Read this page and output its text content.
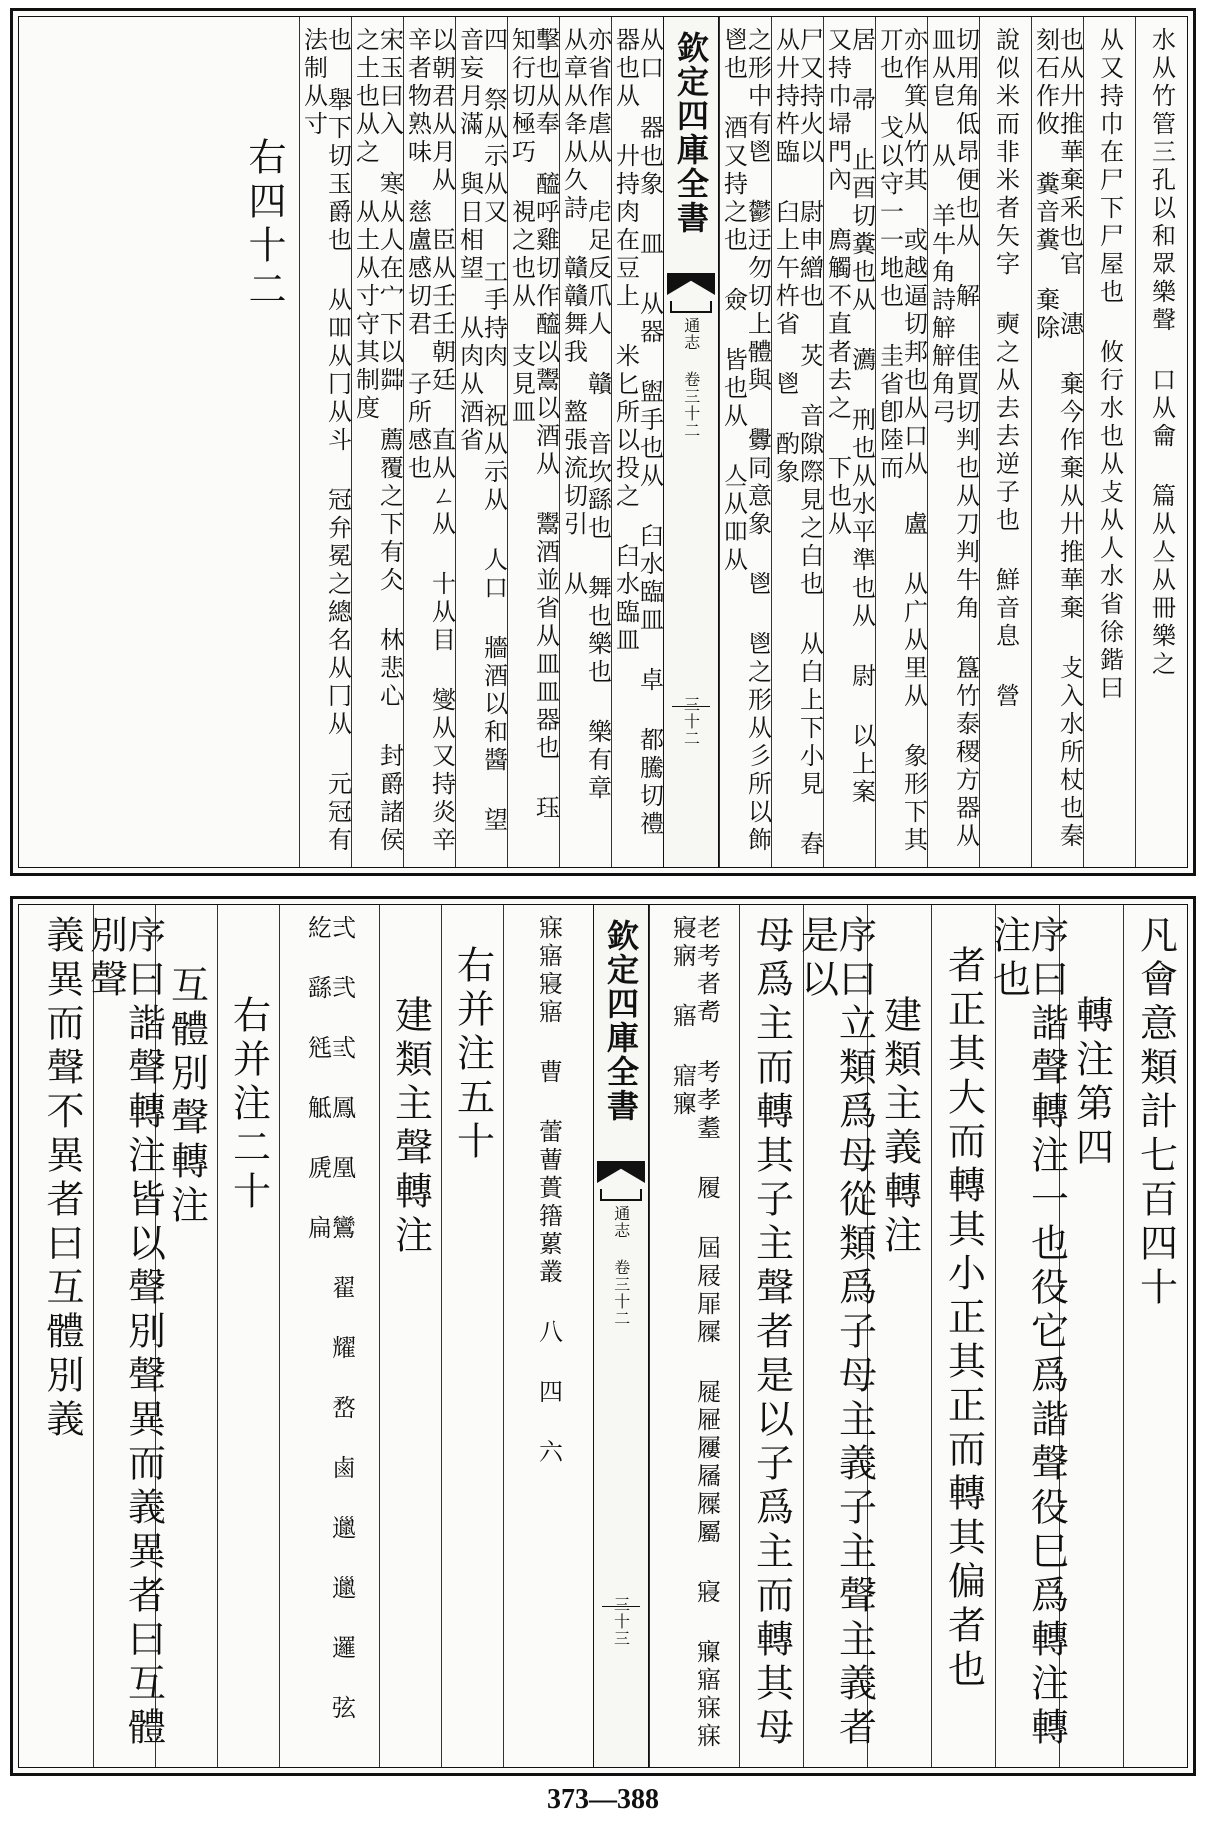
水从竹管三孔以和眾樂聲 口从龠 篇从亼从冊樂之
从又持巾在尸下尸屋也 攸行水也从攴从人水省徐鍇曰
也从廾推華棄釆也官 潓 棄今作棄从廾推華棄 攴入水所杖也秦刻石作攸 糞音糞 棄除
說似米而非米者矢字 奭之从去去逆子也 鮮音息 營
切用角低昂便也从 解 佳買切判也从刀判牛角 簋竹泰稷方器从 皿从皀 从 羊牛角詩觪觪角弓
亦作箕从竹其 或越逼切邦也从口从 盧 从广从里从 象形下其丌也 戈以守一一地也 圭省卽陸而
居 帚 止酉切糞也从 瀳 刑也从水平準也从 尉 以上案 又持巾埽門內 廌觸不直者去之 下也从
尸又持火以 尉申繒也 炗 音隙際見之白也 从白上下小見 舂从廾持杵臨 臼上午杵省 鬯 酌象
之形中有鬯 鬱迂勿切上體與 釁同意象 鬯 鬯之形从彡所以飾鬯也 酒又持之也 僉 皆也从 亼从吅从
欽定四庫全書
通志 卷三十二
三十二
从口 器也象 皿 从器 盥手也从 臼水臨皿 卓 都騰切禮器也从 廾持肉在豆上 米匕所以投之 臼水臨皿
亦省作虐从 虍足反爪人 贛 音坎繇也 舞也樂也 樂有章 从章从夅从久詩 贛贛舞我 盩張流切引 从
擊也从奉 醯呼雞切作醯以鬻以酒从 鬻酒並省从皿皿器也 珏 知行切極巧 視之也从 支見皿
四 祭从示从又 工手持肉 祝从示从 人口 牆酒以和醬 望音妄月滿 與日相望 从肉从酒省
以朝君从月从 臣从壬壬朝廷 直从ㄥ从 十从目 燮从又持炎辛 辛者物熟味 慈盧感切君 子所感也
宋玉曰入 寒从人在宀下以茻 薦覆之下有仌 林悲心 封爵諸侯之土也从之 从土从寸守其制度
也 舉下切玉爵也 从吅从冂从斗 冠弁冕之總名从冂从 元冠有法制从寸
右四十二
凡會意類計七百四十
轉注第四
序曰諧聲轉注一也役它爲諧聲役巳爲轉注轉注也
者正其大而轉其小正其正而轉其偏者也
建類主義轉注
序曰立類爲母從類爲子母主義子主聲主義者是以
母爲主而轉其子主聲者是以子爲主而轉其母
老考者耉 考孝耋 履 屆屐屝屧 屣屜屨屩屧屬 寢 寱寤寐寐寢寎 寤 寣寱
欽定四庫全書
通志 卷三十二
三十三
寐寤寢寤 曹 蕾蓸蕢簎蔂叢 八 四 六
右并注五十
建類主聲轉注
弍 弐 弎 鳳 凰 鸞 翟 耀 嵍 鹵 邋 邋 邏 弦 紇 繇 毤 觝 虒 扁
右并注二十
互體別聲轉注
序曰諧聲轉注皆以聲別聲異而義異者曰互體別聲
義異而聲不異者曰互體別義
373—388
